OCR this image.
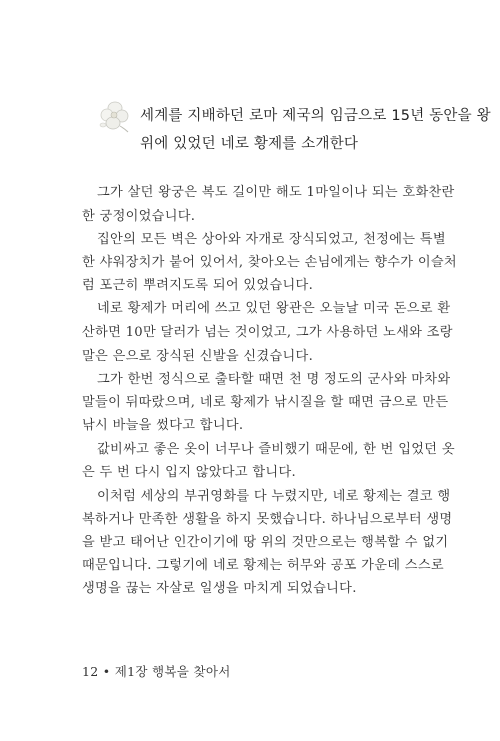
세계를 지배하던 로마 제국의 임금으로 15년 동안을 왕
위에 있었던 네로 황제를 소개한다
그가 살던 왕궁은 복도 길이만 해도 1마일이나 되는 호화찬란
한 궁정이었습니다.
집안의 모든 벽은 상아와 자개로 장식되었고, 천정에는 특별
한 샤워장치가 붙어 있어서, 찾아오는 손님에게는 향수가 이슬처
럼 포근히 뿌려지도록 되어 있었습니다.
네로 황제가 머리에 쓰고 있던 왕관은 오늘날 미국 돈으로 환
산하면 10만 달러가 넘는 것이었고, 그가 사용하던 노새와 조랑
말은 은으로 장식된 신발을 신겼습니다.
그가 한번 정식으로 출타할 때면 천 명 정도의 군사와 마차와
말들이 뒤따랐으며, 네로 황제가 낚시질을 할 때면 금으로 만든
낚시 바늘을 썼다고 합니다.
값비싸고 좋은 옷이 너무나 즐비했기 때문에, 한 번 입었던 옷
은 두 번 다시 입지 않았다고 합니다.
이처럼 세상의 부귀영화를 다 누렸지만, 네로 황제는 결코 행
복하거나 만족한 생활을 하지 못했습니다. 하나님으로부터 생명
을 받고 태어난 인간이기에 땅 위의 것만으로는 행복할 수 없기
때문입니다. 그렇기에 네로 황제는 허무와 공포 가운데 스스로
생명을 끊는 자살로 일생을 마치게 되었습니다.
12 • 제1장 행복을 찾아서
